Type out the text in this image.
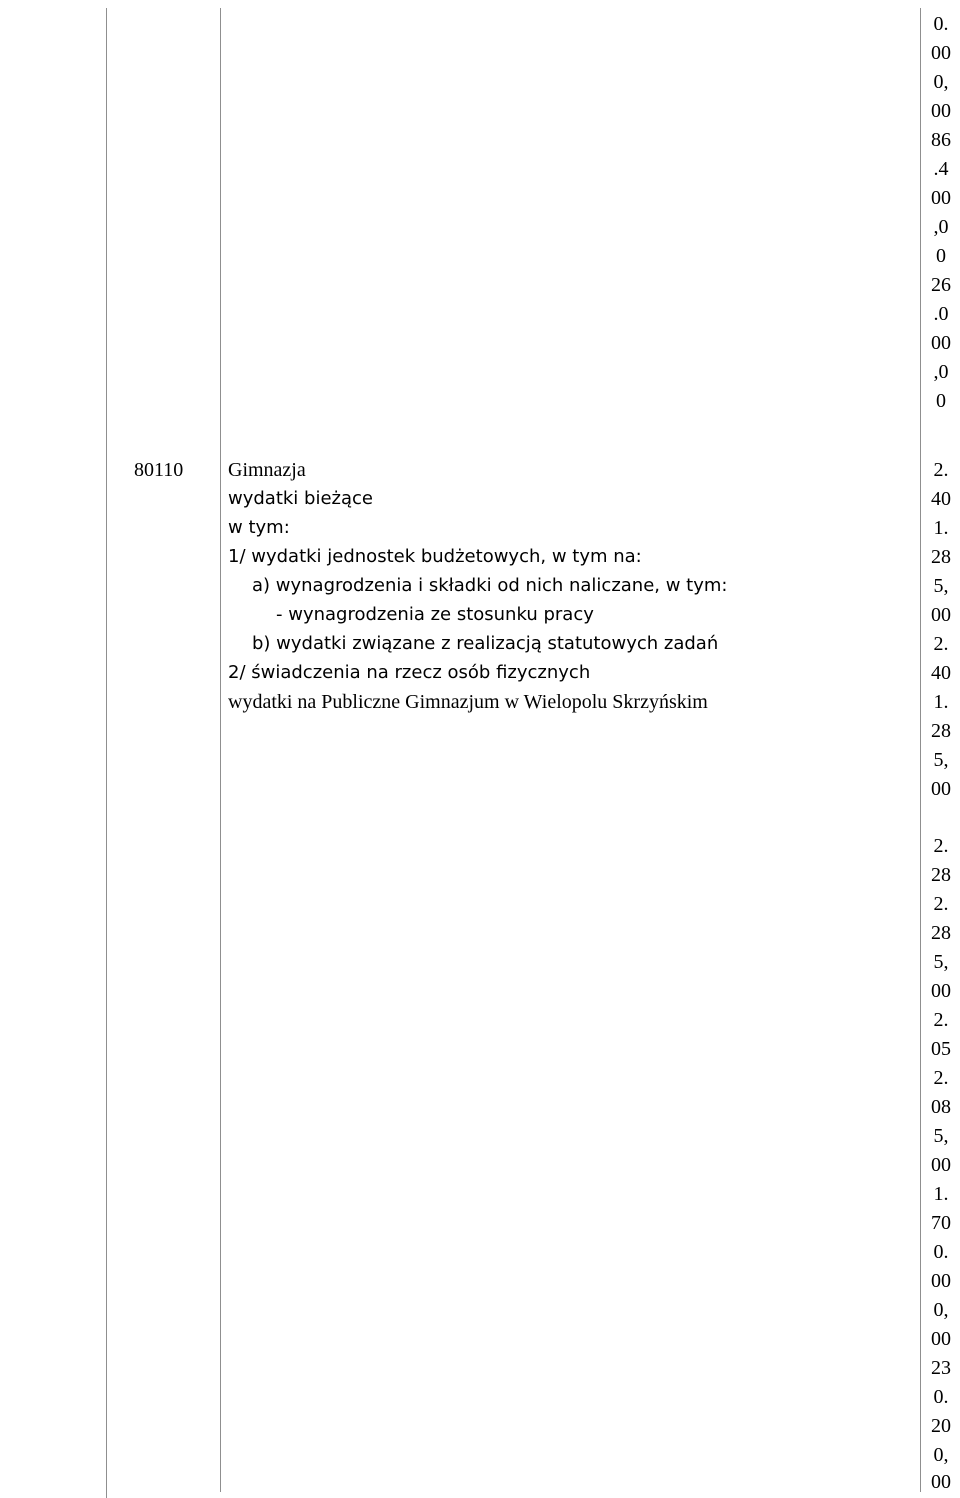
0.
00
0,
00
86
.4
00
,0
0
26
.0
00
,0
0
80110 Gimnazja
wydatki bieżące
w tym:
1/ wydatki jednostek budżetowych, w tym na:
a) wynagrodzenia i składki od nich naliczane, w tym:
- wynagrodzenia ze stosunku pracy
b) wydatki związane z realizacją statutowych zadań
2/ świadczenia na rzecz osób fizycznych
wydatki na Publiczne Gimnazjum w Wielopolu Skrzyńskim
2.
40
1.
28
5,
00
2.
40
1.
28
5,
00
2.
28
2.
28
5,
00
2.
05
2.
08
5,
00
1.
70
0.
00
0,
00
23
0.
20
0,
00
